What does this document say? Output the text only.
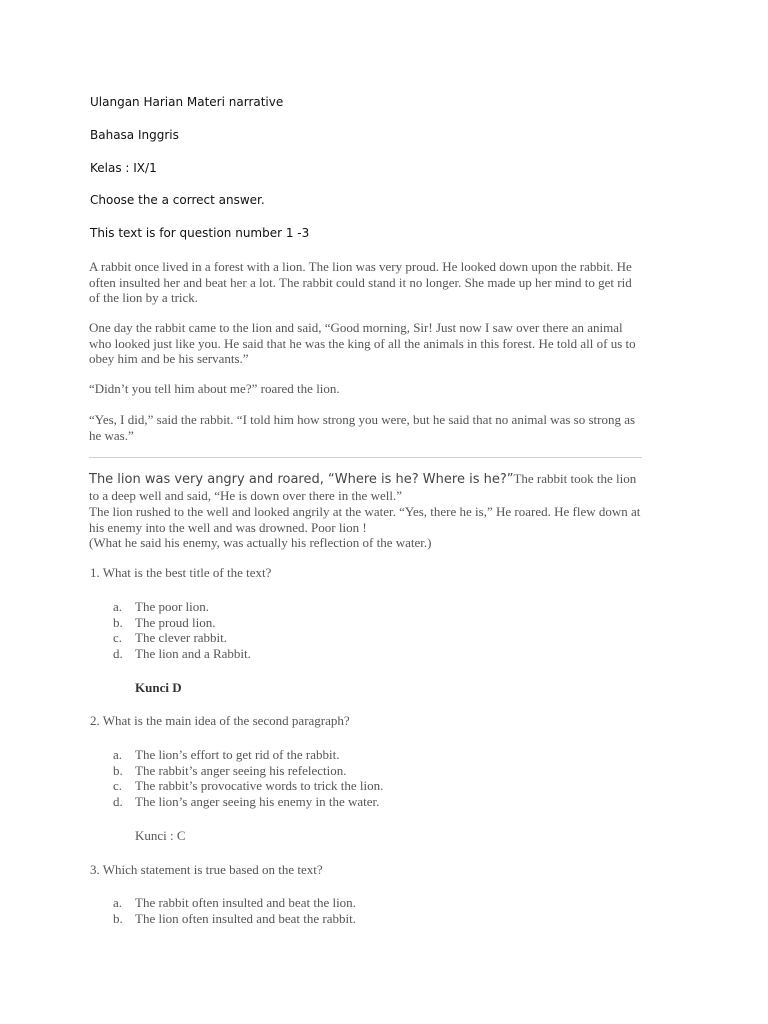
Ulangan Harian Materi narrative
Bahasa Inggris
Kelas : IX/1
Choose the a correct answer.
This text is for question number 1 -3

A rabbit once lived in a forest with a lion. The lion was very proud. He looked down upon the rabbit. He often insulted her and beat her a lot. The rabbit could stand it no longer. She made up her mind to get rid of the lion by a trick.

One day the rabbit came to the lion and said, “Good morning, Sir! Just now I saw over there an animal who looked just like you. He said that he was the king of all the animals in this forest. He told all of us to obey him and be his servants.”

“Didn’t you tell him about me?” roared the lion.

“Yes, I did,” said the rabbit. “I told him how strong you were, but he said that no animal was so strong as he was.”

The lion was very angry and roared, “Where is he? Where is he?”The rabbit took the lion to a deep well and said, “He is down over there in the well.”

The lion rushed to the well and looked angrily at the water. “Yes, there he is,” He roared. He flew down at his enemy into the well and was drowned. Poor lion !

(What he said his enemy, was actually his reflection of the water.)

1. What is the best title of the text?
a. The poor lion.
b. The proud lion.
c. The clever rabbit.
d. The lion and a Rabbit.
Kunci D
2. What is the main idea of the second paragraph?
a. The lion’s effort to get rid of the rabbit.
b. The rabbit’s anger seeing his refelection.
c. The rabbit’s provocative words to trick the lion.
d. The lion’s anger seeing his enemy in the water.
Kunci : C
3. Which statement is true based on the text?
a. The rabbit often insulted and beat the lion.
b. The lion often insulted and beat the rabbit.
